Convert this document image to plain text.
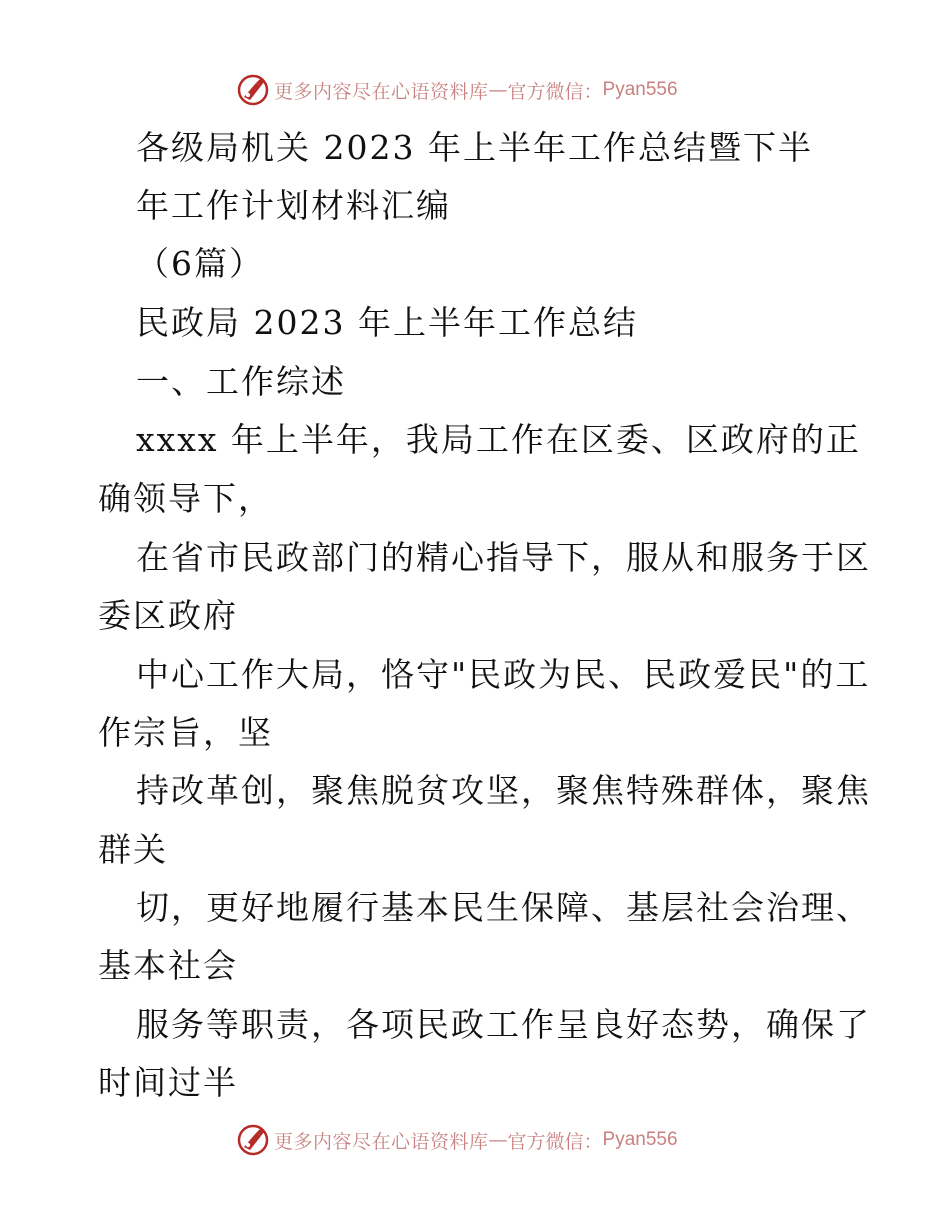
更多内容尽在心语资料库 — 官方微信： Pyan556
各级局机关 2023 年上半年工作总结暨下半
年工作计划材料汇编
（6篇）
民政局 2023 年上半年工作总结
一、工作综述
xxxx 年上半年，我局工作在区委、区政府的正
确领导下，
在省市民政部门的精心指导下，服从和服务于区
委区政府
中心工作大局，恪守"民政为民、民政爱民"的工
作宗旨，坚
持改革创，聚焦脱贫攻坚，聚焦特殊群体，聚焦
群关
切，更好地履行基本民生保障、基层社会治理、
基本社会
服务等职责，各项民政工作呈良好态势，确保了
时间过半
更多内容尽在心语资料库 — 官方微信： Pyan556
